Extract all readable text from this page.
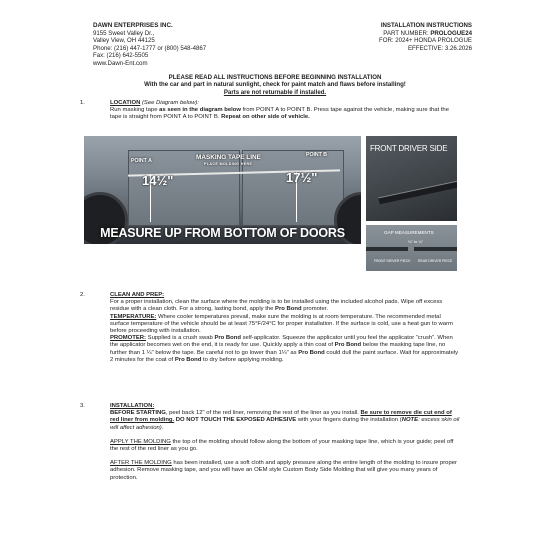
DAWN ENTERPRISES INC.
9155 Sweet Valley Dr.,
Valley View, OH 44125
Phone: (216) 447-1777 or (800) 548-4867
Fax: (216) 642-5505
www.Dawn-Ent.com
INSTALLATION INSTRUCTIONS
PART NUMBER: PROLOGUE24
FOR: 2024+ HONDA PROLOGUE
EFFECTIVE: 3.26.2026
PLEASE READ ALL INSTRUCTIONS BEFORE BEGINNING INSTALLATION
With the car and part in natural sunlight, check for paint match and flaws before installing!
Parts are not returnable if installed.
1.	LOCATION (See Diagram below):

Run masking tape as seen in the diagram below from POINT A to POINT B. Press tape against the vehicle, making sure that the tape is straight from POINT A to POINT B. Repeat on other side of vehicle.

POINT A
POINT B
MASKING TAPE LINE
PLACE MOLDING HERE
14½"	17½"
MEASURE UP FROM BOTTOM OF DOORS
FRONT DRIVER SIDE
GAP MEASUREMENTS
⅛" to ¼"
FRONT DRIVER PIECE REAR DRIVER PIECE
2.	CLEAN AND PREP:

For a proper installation, clean the surface where the molding is to be installed using the included alcohol pads. Wipe off excess residue with a clean cloth. For a strong, lasting bond, apply the Pro Bond promoter.

TEMPERATURE: Where cooler temperatures prevail, make sure the molding is at room temperature. The recommended metal surface temperature of the vehicle should be at least 75°F/24°C for proper installation. If the surface is cold, use a heat gun to warm before proceeding with installation.

PROMOTER: Supplied is a crush swab Pro Bond self-applicator. Squeeze the applicator until you feel the applicator “crush”. When the applicator becomes wet on the end, it is ready for use. Quickly apply a thin coat of Pro Bond below the masking tape line, no further than 1 ¼" below the tape. Be careful not to go lower than 1¼" as Pro Bond could dull the paint surface. Wait for approximately 2 minutes for the coat of Pro Bond to dry before applying molding.

3.	INSTALLATION:

BEFORE STARTING, peel back 12" of the red liner, removing the rest of the liner as you install. Be sure to remove die cut end of red liner from molding. DO NOT TOUCH THE EXPOSED ADHESIVE with your fingers during the installation (NOTE: excess skin oil will affect adhesion).

APPLY THE MOLDING the top of the molding should follow along the bottom of your masking tape line, which is your guide; peel off the rest of the red liner as you go.

AFTER THE MOLDING has been installed, use a soft cloth and apply pressure along the entire length of the molding to insure proper adhesion. Remove masking tape, and you will have an OEM style Custom Body Side Molding that will give you many years of protection.
